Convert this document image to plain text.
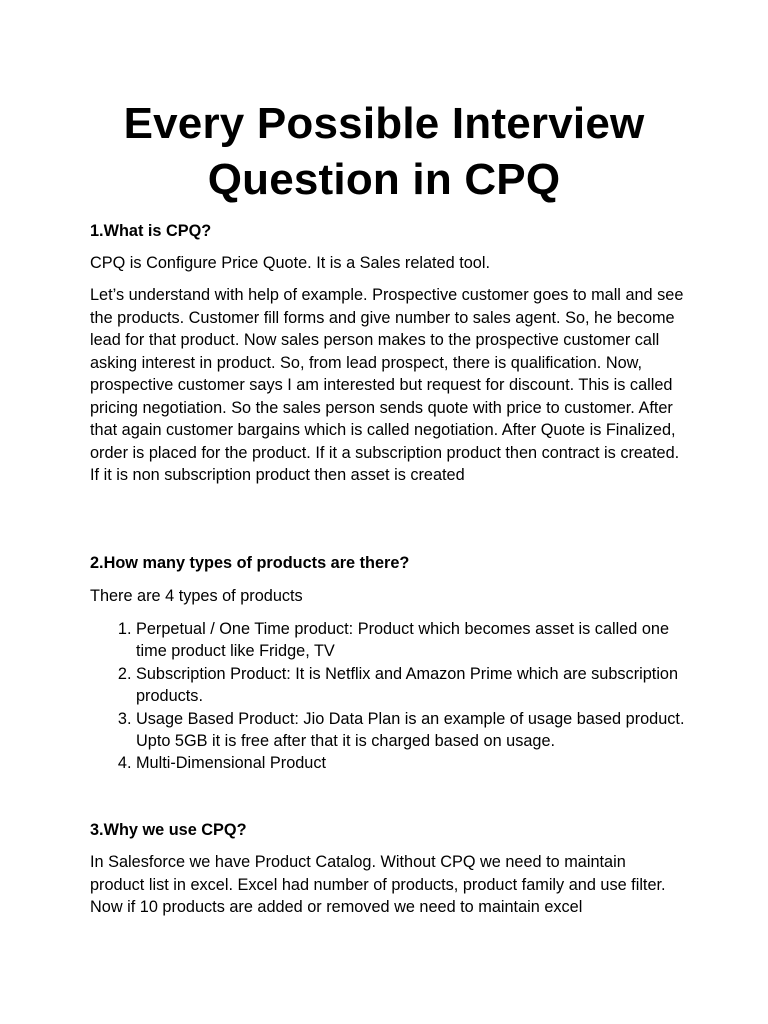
Every Possible Interview
Question in CPQ

1.What is CPQ?

CPQ is Configure Price Quote. It is a Sales related tool.

Let’s understand with help of example. Prospective customer goes to mall and see the products. Customer fill forms and give number to sales agent. So, he become lead for that product. Now sales person makes to the prospective customer call asking interest in product. So, from lead prospect, there is qualification. Now, prospective customer says I am interested but request for discount. This is called pricing negotiation. So the sales person sends quote with price to customer. After that again customer bargains which is called negotiation. After Quote is Finalized, order is placed for the product. If it a subscription product then contract is created. If it is non subscription product then asset is created

2.How many types of products are there?

There are 4 types of products

1. Perpetual / One Time product: Product which becomes asset is called one time product like Fridge, TV
2. Subscription Product: It is Netflix and Amazon Prime which are subscription products.
3. Usage Based Product: Jio Data Plan is an example of usage based product. Upto 5GB it is free after that it is charged based on usage.
4. Multi-Dimensional Product

3.Why we use CPQ?

In Salesforce we have Product Catalog. Without CPQ we need to maintain product list in excel. Excel had number of products, product family and use filter. Now if 10 products are added or removed we need to maintain excel
